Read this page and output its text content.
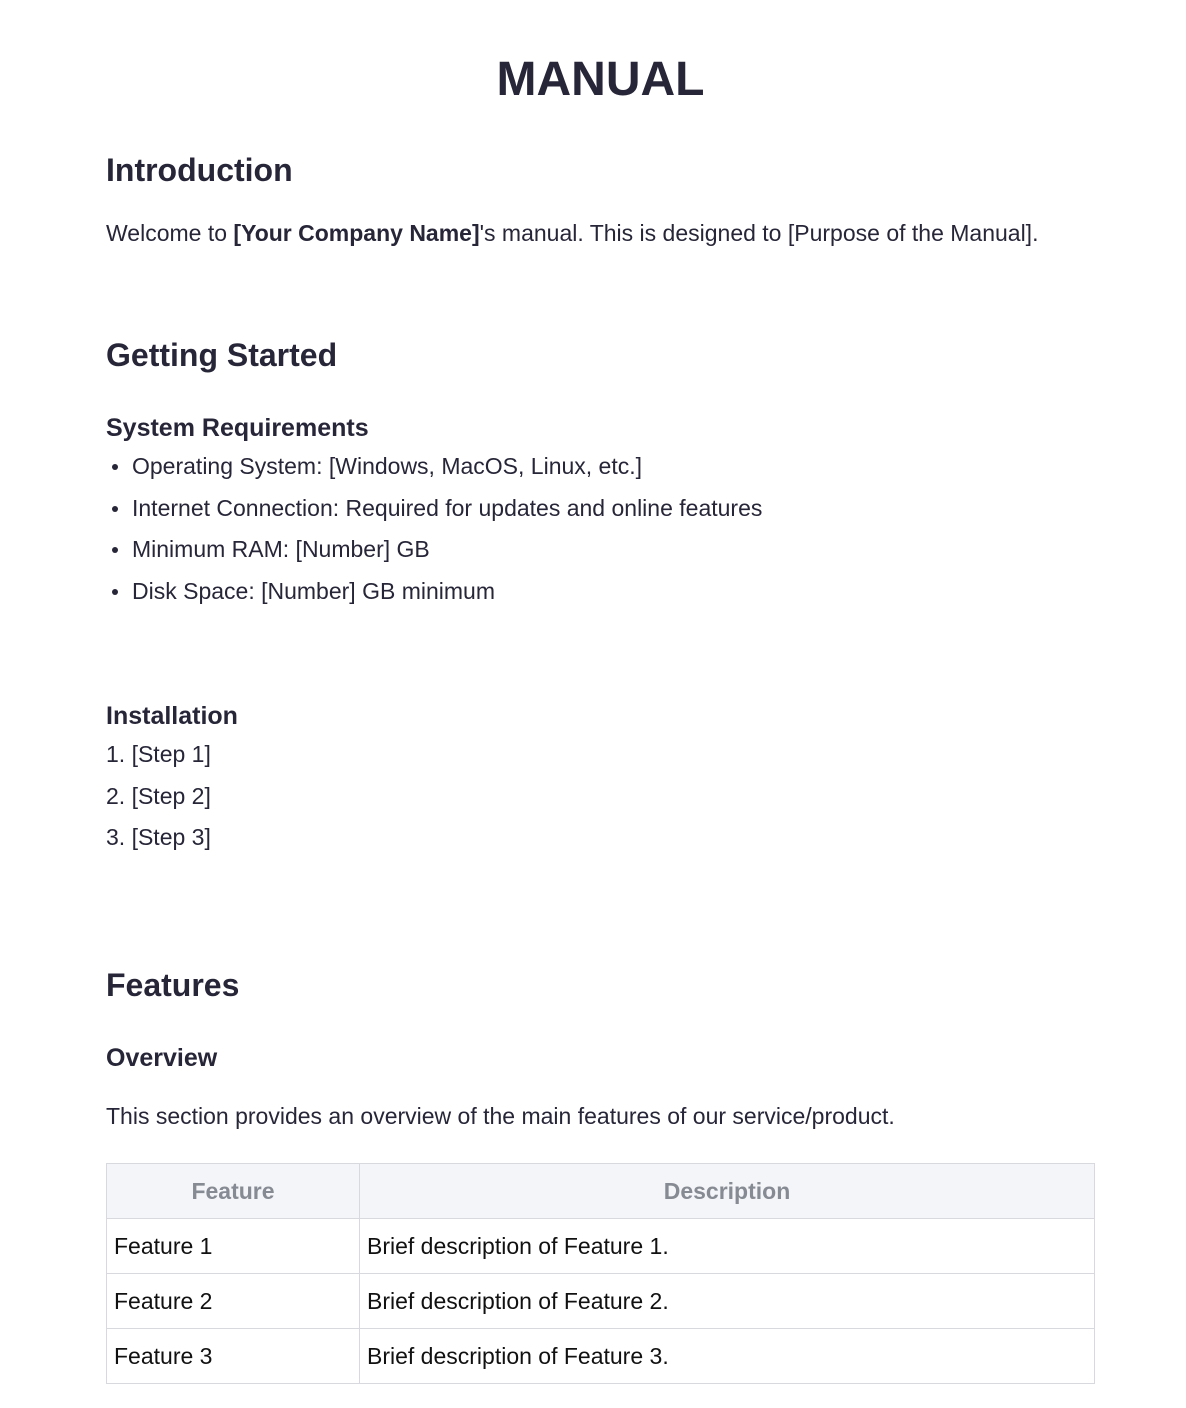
MANUAL
Introduction

Welcome to [Your Company Name]'s manual. This is designed to [Purpose of the Manual].

Getting Started
System Requirements
Operating System: [Windows, MacOS, Linux, etc.]
Internet Connection: Required for updates and online features
Minimum RAM: [Number] GB
Disk Space: [Number] GB minimum
Installation
1. [Step 1]
2. [Step 2]
3. [Step 3]
Features
Overview

This section provides an overview of the main features of our service/product.

Feature	Description
Feature 1	Brief description of Feature 1.
Feature 2	Brief description of Feature 2.
Feature 3	Brief description of Feature 3.
